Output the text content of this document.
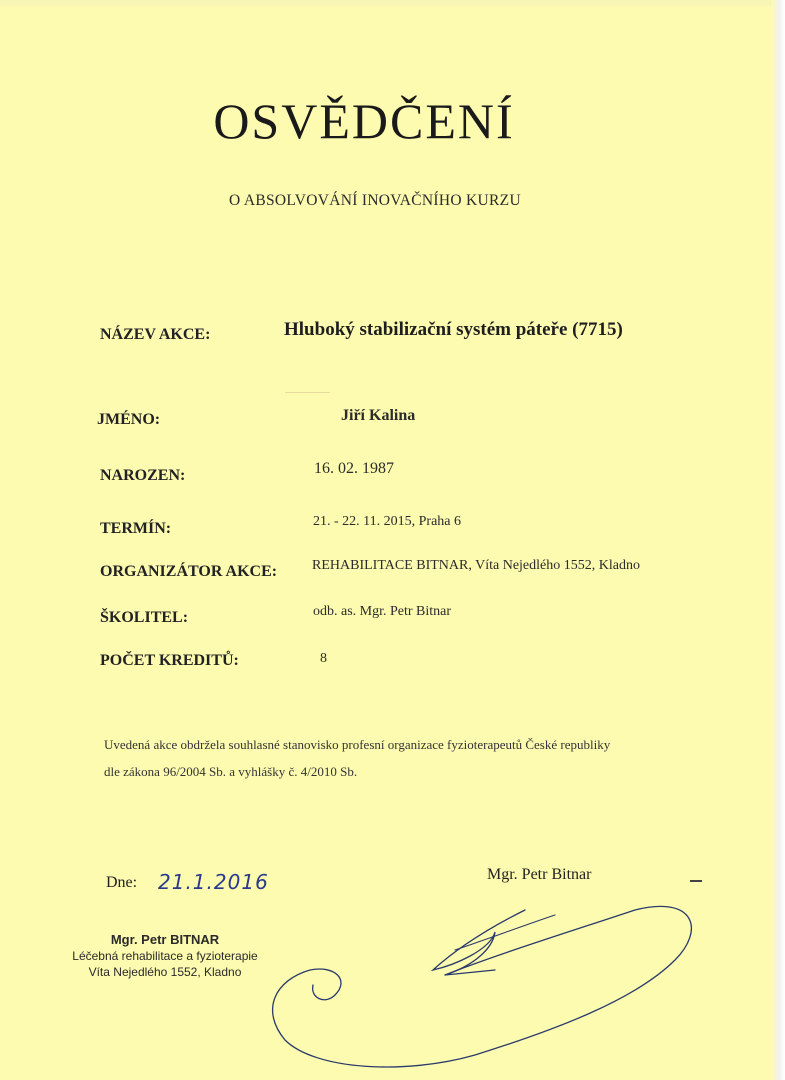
OSVĚDČENÍ
O ABSOLVOVÁNÍ INOVAČNÍHO KURZU
NÁZEV AKCE:	Hluboký stabilizační systém páteře (7715)
JMÉNO:	Jiří Kalina
NAROZEN:	16. 02. 1987
TERMÍN:	21. - 22. 11. 2015, Praha 6
ORGANIZÁTOR AKCE: REHABILITACE BITNAR, Víta Nejedlého 1552, Kladno
ŠKOLITEL:	odb. as. Mgr. Petr Bitnar
POČET KREDITŮ:	8
Uvedená akce obdržela souhlasné stanovisko profesní organizace fyzioterapeutů České republiky
dle zákona 96/2004 Sb. a vyhlášky č. 4/2010 Sb.
Dne: 21.1.2016	Mgr. Petr Bitnar
Mgr. Petr BITNAR
Léčebná rehabilitace a fyzioterapie
Víta Nejedlého 1552, Kladno
